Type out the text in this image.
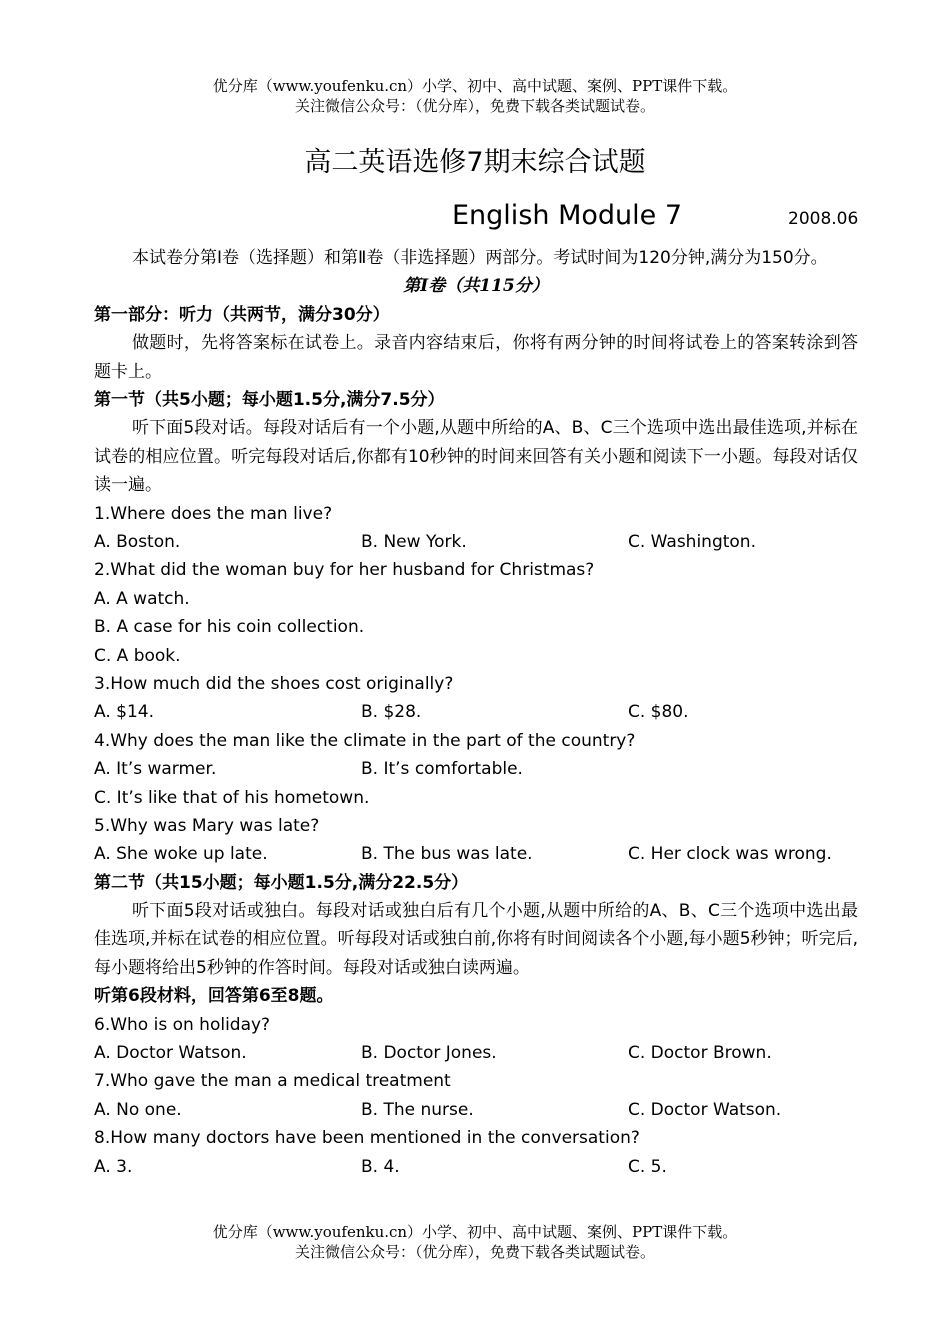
优分库（www.youfenku.cn）小学、初中、高中试题、案例、PPT课件下载。
关注微信公众号：（优分库），免费下载各类试题试卷。
高二英语选修7期末综合试题
English Module 7	2008.06
本试卷分第Ⅰ卷（选择题）和第Ⅱ卷（非选择题）两部分。考试时间为120分钟,满分为150分。
第Ⅰ卷（共115分）
第一部分：听力（共两节，满分30分）
做题时，先将答案标在试卷上。录音内容结束后，你将有两分钟的时间将试卷上的答案转涂到答题卡上。
第一节（共5小题；每小题1.5分,满分7.5分）
听下面5段对话。每段对话后有一个小题,从题中所给的A、B、C三个选项中选出最佳选项,并标在试卷的相应位置。听完每段对话后,你都有10秒钟的时间来回答有关小题和阅读下一小题。每段对话仅读一遍。
1.Where does the man live?
A. Boston.	B. New York.	C. Washington.
2.What did the woman buy for her husband for Christmas?
A. A watch.
B. A case for his coin collection.
C. A book.
3.How much did the shoes cost originally?
A. $14.	B. $28.	C. $80.
4.Why does the man like the climate in the part of the country?
A. It’s warmer.	B. It’s comfortable.
C. It’s like that of his hometown.
5.Why was Mary was late?
A. She woke up late.	B. The bus was late.	C. Her clock was wrong.
第二节（共15小题；每小题1.5分,满分22.5分）
听下面5段对话或独白。每段对话或独白后有几个小题,从题中所给的A、B、C三个选项中选出最佳选项,并标在试卷的相应位置。听每段对话或独白前,你将有时间阅读各个小题,每小题5秒钟；听完后,每小题将给出5秒钟的作答时间。每段对话或独白读两遍。
听第6段材料，回答第6至8题。
6.Who is on holiday?
A. Doctor Watson.	B. Doctor Jones.	C. Doctor Brown.
7.Who gave the man a medical treatment
A. No one.	B. The nurse.	C. Doctor Watson.
8.How many doctors have been mentioned in the conversation?
A. 3.	B. 4.	C. 5.
优分库（www.youfenku.cn）小学、初中、高中试题、案例、PPT课件下载。
关注微信公众号：（优分库），免费下载各类试题试卷。
